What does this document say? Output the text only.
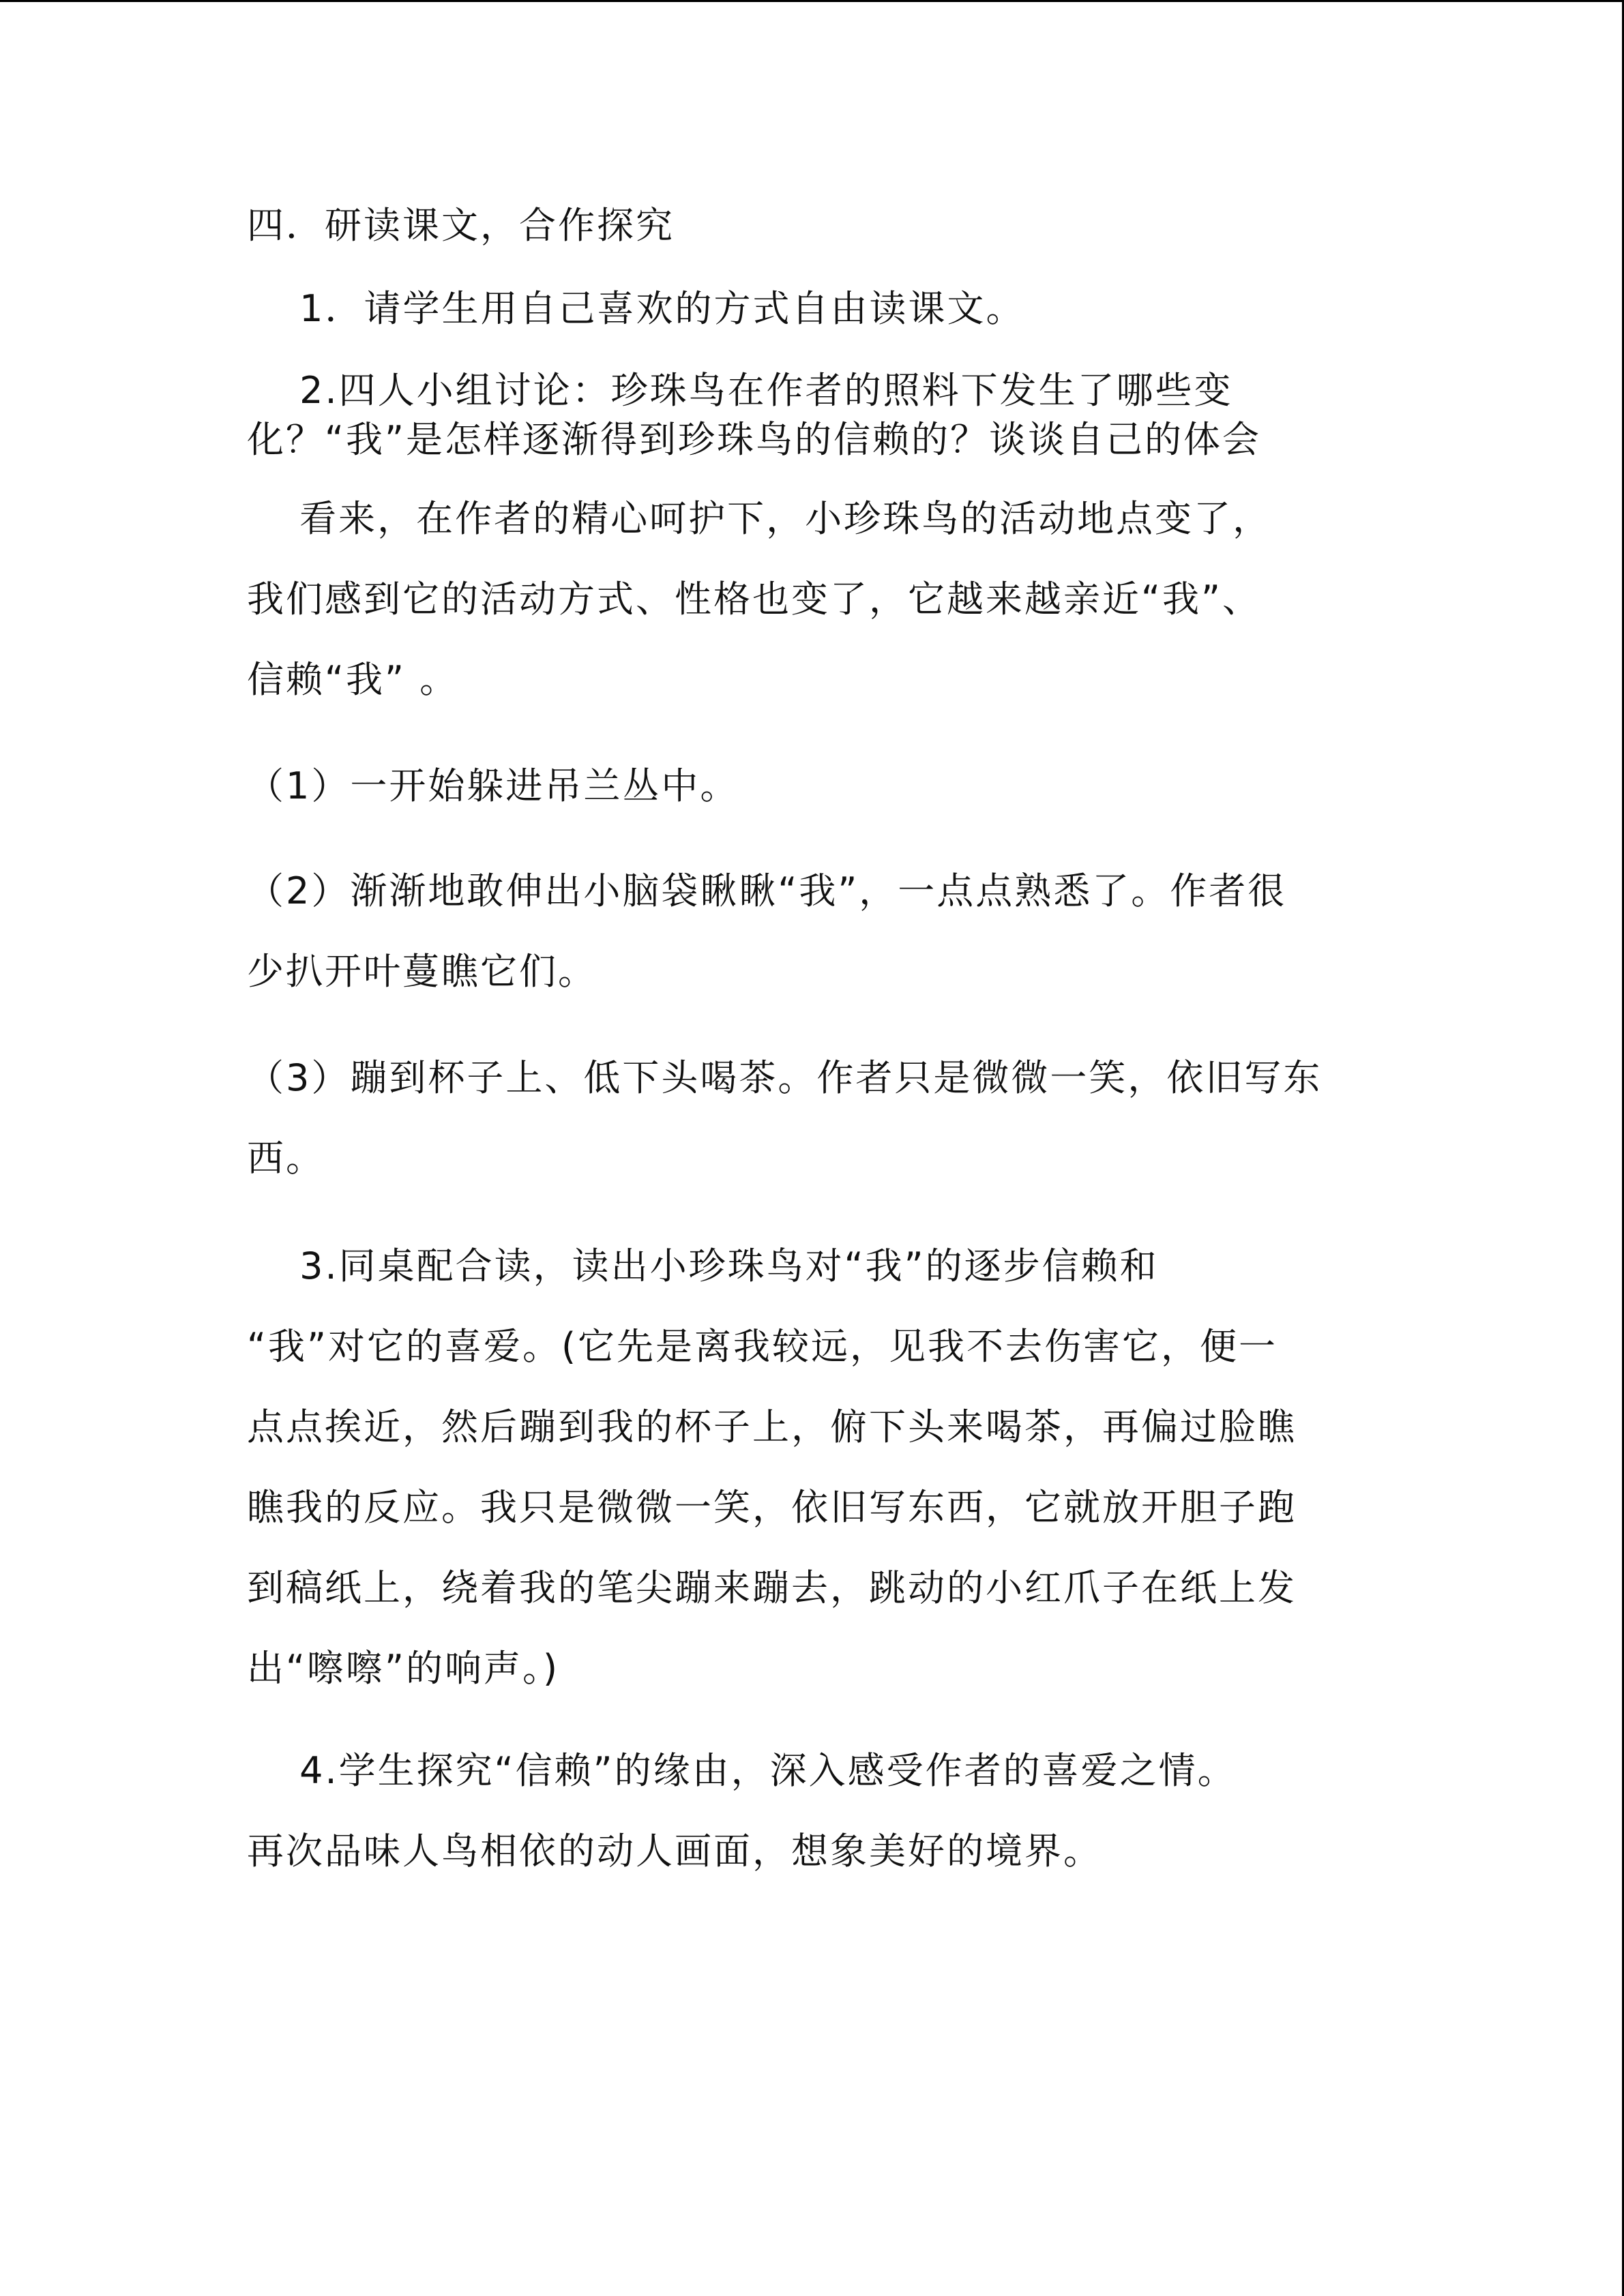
四．研读课文，合作探究
　 1．请学生用自己喜欢的方式自由读课文。
　 2.四人小组讨论：珍珠鸟在作者的照料下发生了哪些变
化？“我”是怎样逐渐得到珍珠鸟的信赖的？谈谈自己的体会
　 看来，在作者的精心呵护下，小珍珠鸟的活动地点变了，
我们感到它的活动方式、性格也变了，它越来越亲近“我”、
信赖“我” 。
（1）一开始躲进吊兰丛中。
（2）渐渐地敢伸出小脑袋瞅瞅“我”，一点点熟悉了。作者很
少扒开叶蔓瞧它们。
（3）蹦到杯子上、低下头喝茶。作者只是微微一笑，依旧写东
西。
　 3.同桌配合读，读出小珍珠鸟对“我”的逐步信赖和
“我”对它的喜爱。(它先是离我较远，见我不去伤害它，便一
点点挨近，然后蹦到我的杯子上，俯下头来喝茶，再偏过脸瞧
瞧我的反应。我只是微微一笑，依旧写东西，它就放开胆子跑
到稿纸上，绕着我的笔尖蹦来蹦去，跳动的小红爪子在纸上发
出“嚓嚓”的响声。)
　 4.学生探究“信赖”的缘由，深入感受作者的喜爱之情。
再次品味人鸟相依的动人画面，想象美好的境界。
